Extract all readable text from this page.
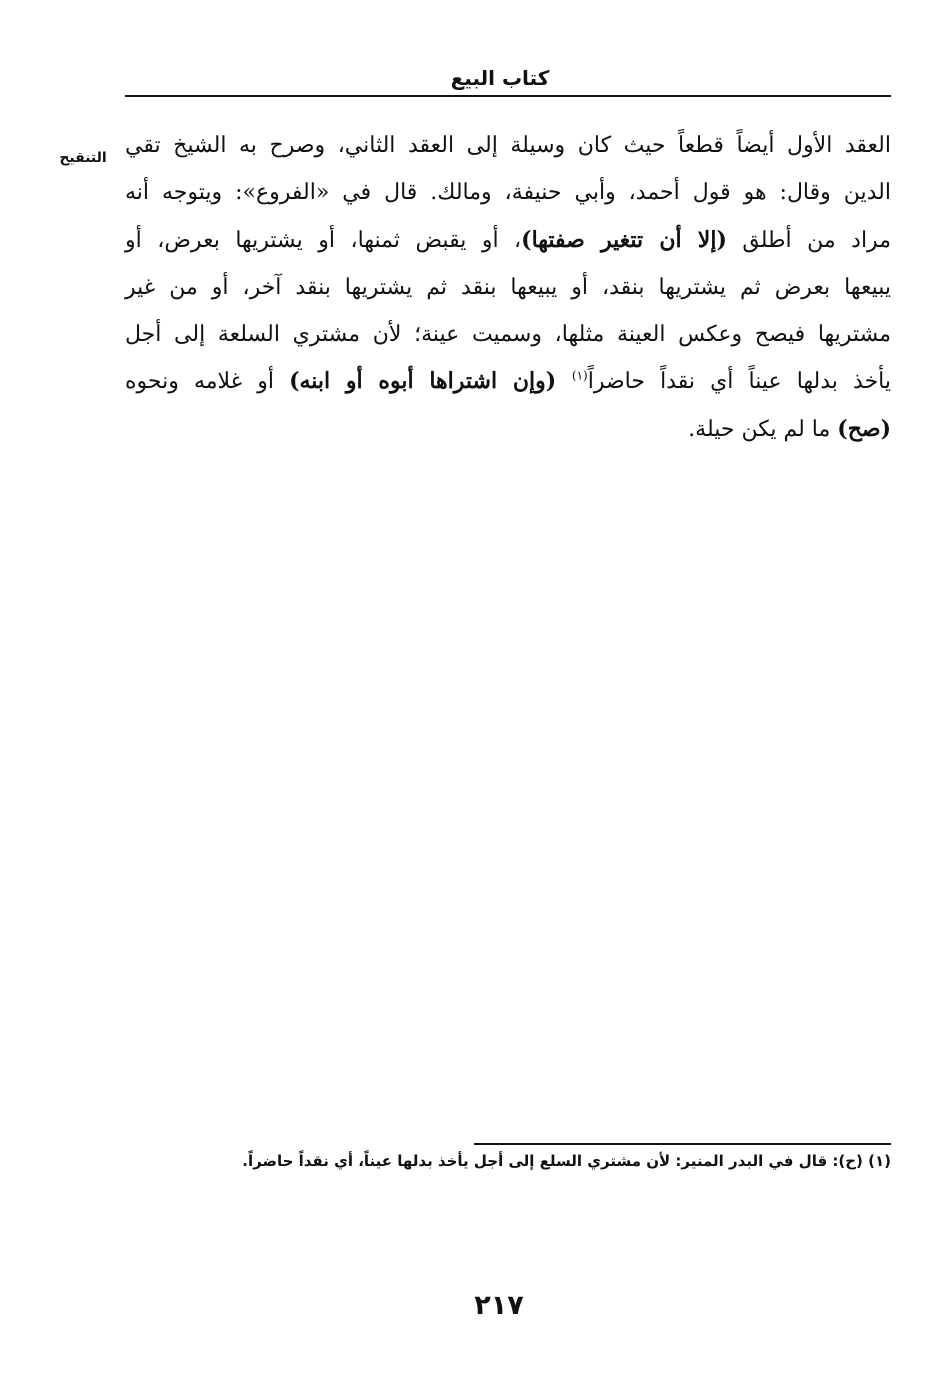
كتاب البيع
التنقيح العقد الأول أيضاً قطعاً حيث كان وسيلة إلى العقد الثاني، وصرح به الشيخ تقي
الدين وقال: هو قول أحمد، وأبي حنيفة، ومالك. قال في «الفروع»: ويتوجه أنه
مراد من أطلق (إلا أن تتغير صفتها)، أو يقبض ثمنها، أو يشتريها بعرض، أو
يبيعها بعرض ثم يشتريها بنقد، أو يبيعها بنقد ثم يشتريها بنقد آخر، أو من غير
مشتريها فيصح وعكس العينة مثلها، وسميت عينة؛ لأن مشتري السلعة إلى أجل
يأخذ بدلها عيناً أي نقداً حاضراً$^{(١)}$ (وإن اشتراها أبوه أو ابنه) أو غلامه ونحوه
(صح) ما لم يكن حيلة.
(١) (ح): قال في البدر المنير: لأن مشتري السلع إلى أجل يأخذ بدلها عيناً، أي نقداً حاضراً.
٢١٧
